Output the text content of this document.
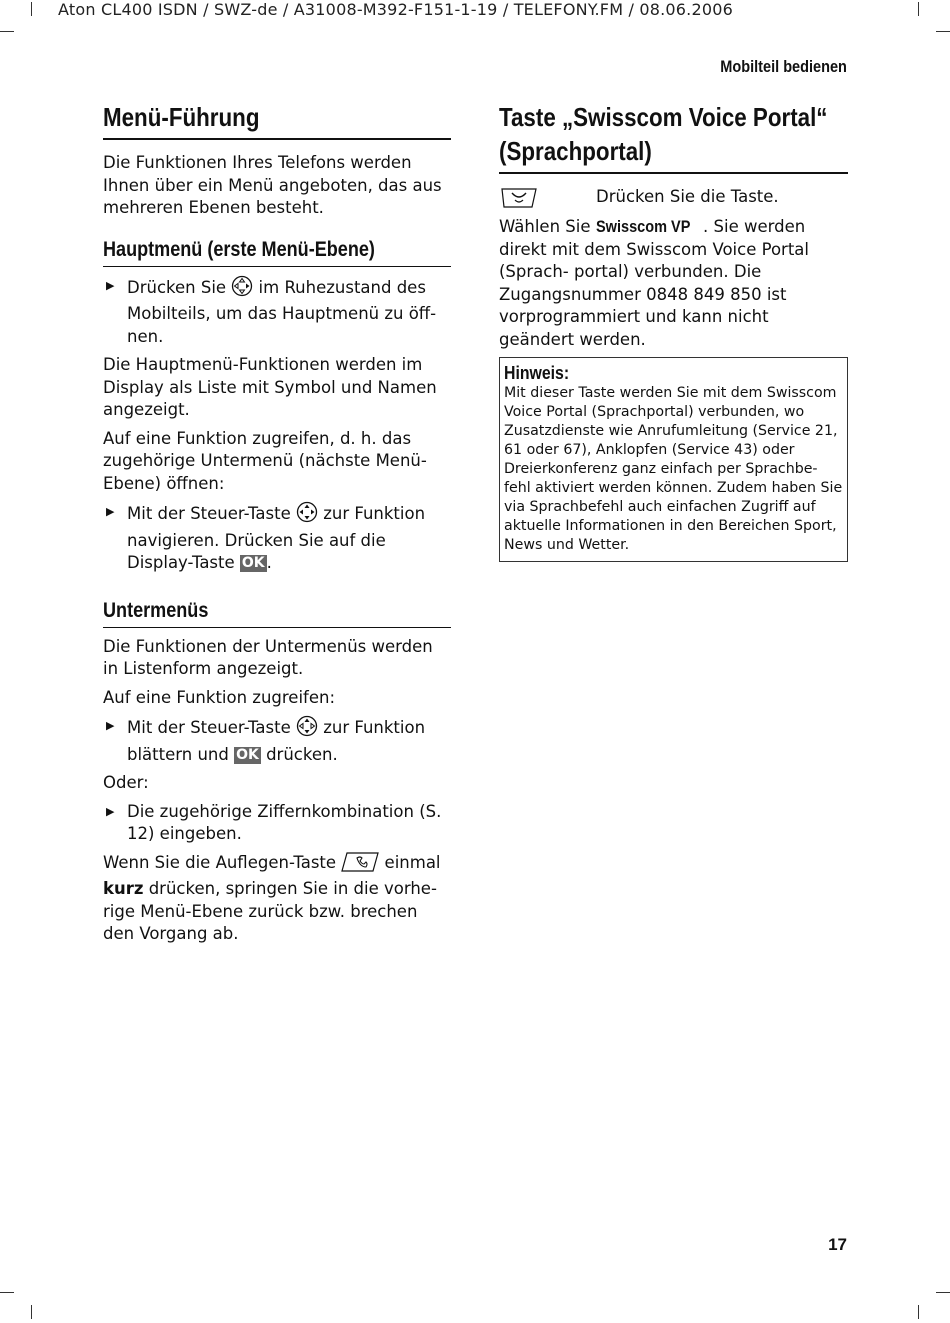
Aton CL400 ISDN / SWZ-de / A31008-M392-F151-1-19 / TELEFONY.FM / 08.06.2006
Mobilteil bedienen
Menü-Führung

Die Funktionen Ihres Telefons werden Ihnen über ein Menü angeboten, das aus mehreren Ebenen besteht.

Hauptmenü (erste Menü-Ebene)
▶ Drücken Sie  im Ruhezustand des Mobilteils, um das Hauptmenü zu öff- nen.

Die Hauptmenü-Funktionen werden im Display als Liste mit Symbol und Namen angezeigt.

Auf eine Funktion zugreifen, d. h. das zugehörige Untermenü (nächste Menü-Ebene) öffnen:

▶ Mit der Steuer-Taste  zur Funktion navigieren. Drücken Sie auf die Display-Taste OK .
Untermenüs

Die Funktionen der Untermenüs werden in Listenform angezeigt.

Auf eine Funktion zugreifen:

▶ Mit der Steuer-Taste  zur Funktion blättern und OK drücken.

Oder:

▶ Die zugehörige Ziffernkombination (S. 12) eingeben.

Wenn Sie die Auflegen-Taste  einmal kurz drücken, springen Sie in die vorhe- rige Menü-Ebene zurück bzw. brechen den Vorgang ab.

Taste „Swisscom Voice Portal“
(Sprachportal)
Drücken Sie die Taste.

Wählen Sie Swisscom VP . Sie werden direkt mit dem Swisscom Voice Portal (Sprach- portal) verbunden. Die Zugangsnummer 0848 849 850 ist vorprogrammiert und kann nicht geändert werden.

Hinweis:
Mit dieser Taste werden Sie mit dem Swisscom Voice Portal (Sprachportal) verbunden, wo Zusatzdienste wie Anrufumleitung (Service 21, 61 oder 67), Anklopfen (Service 43) oder Dreierkonferenz ganz einfach per Sprachbe- fehl aktiviert werden können. Zudem haben Sie via Sprachbefehl auch einfachen Zugriff auf aktuelle Informationen in den Bereichen Sport, News und Wetter.
17
